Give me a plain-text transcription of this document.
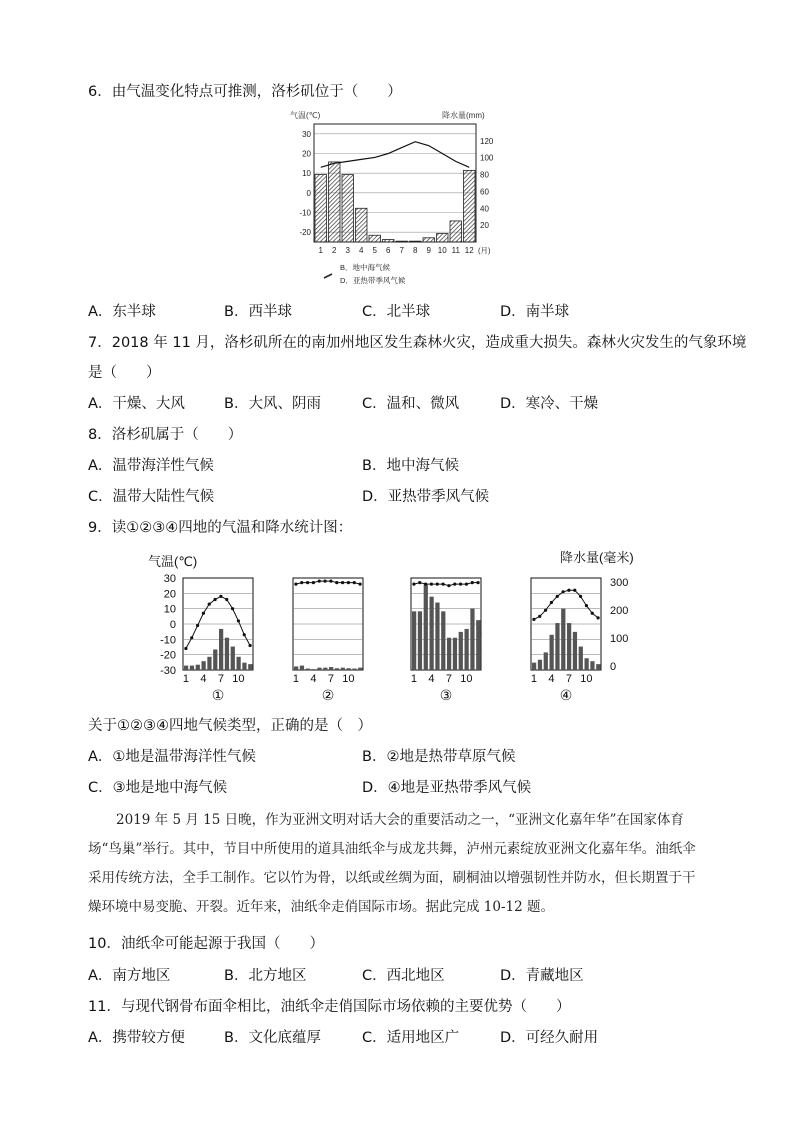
6．由气温变化特点可推测，洛杉矶位于（　　）
气温(℃)	降水量(mm)
30
20
10
0
-10
-20
120
100
80
60
40
20
1 2 3 4 5 6 7 8 9 10 11 12 (月)
B．地中海气候
D．亚热带季风气候
A．东半球	B．西半球	C．北半球	D．南半球
7．2018 年 11 月，洛杉矶所在的南加州地区发生森林火灾，造成重大损失。森林火灾发生的气象环境
是（　　）
A．干燥、大风	B．大风、阴雨	C．温和、微风	D．寒冷、干燥
8．洛杉矶属于（　　）
A．温带海洋性气候	B．地中海气候
C．温带大陆性气候	D．亚热带季风气候
9．读①②③④四地的气温和降水统计图：
气温(℃)
30
20
10
0
-10
-20
-30
降水量(毫米)
300
200
100
0
1 4 7 10
①
1 4 7 10
②
1 4 7 10
③
1 4 7 10
④
关于①②③④四地气候类型，正确的是（　）
A．①地是温带海洋性气候	B．②地是热带草原气候
C．③地是地中海气候	D．④地是亚热带季风气候
2019 年 5 月 15 日晚，作为亚洲文明对话大会的重要活动之一，“亚洲文化嘉年华”在国家体育场“鸟巢”举行。其中，节目中所使用的道具油纸伞与成龙共舞，泸州元素绽放亚洲文化嘉年华。油纸伞采用传统方法，全手工制作。它以竹为骨，以纸或丝绸为面，刷桐油以增强韧性并防水，但长期置于干燥环境中易变脆、开裂。近年来，油纸伞走俏国际市场。据此完成 10-12 题。
10．油纸伞可能起源于我国（　　）
A．南方地区	B．北方地区	C．西北地区	D．青藏地区
11．与现代钢骨布面伞相比，油纸伞走俏国际市场依赖的主要优势（　　）
A．携带较方便	B．文化底蕴厚	C．适用地区广	D．可经久耐用
